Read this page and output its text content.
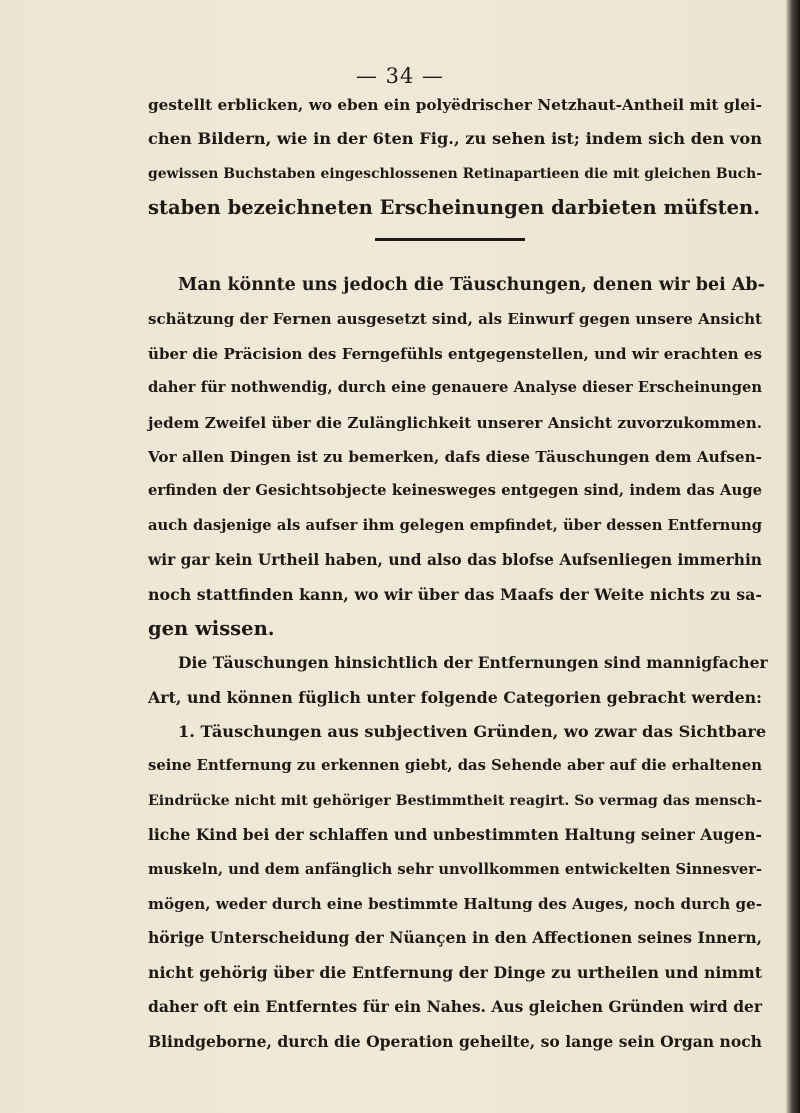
— 34 —
gestellt erblicken, wo eben ein polyëdrischer Netzhaut-Antheil mit glei-
chen Bildern, wie in der 6ten Fig., zu sehen ist; indem sich den von
gewissen Buchstaben eingeschlossenen Retinapartieen die mit gleichen Buch-
staben bezeichneten Erscheinungen darbieten müfsten.
Man könnte uns jedoch die Täuschungen, denen wir bei Ab-
schätzung der Fernen ausgesetzt sind, als Einwurf gegen unsere Ansicht
über die Präcision des Ferngefühls entgegenstellen, und wir erachten es
daher für nothwendig, durch eine genauere Analyse dieser Erscheinungen
jedem Zweifel über die Zulänglichkeit unserer Ansicht zuvorzukommen.
Vor allen Dingen ist zu bemerken, dafs diese Täuschungen dem Aufsen-
erfinden der Gesichtsobjecte keinesweges entgegen sind, indem das Auge
auch dasjenige als aufser ihm gelegen empfindet, über dessen Entfernung
wir gar kein Urtheil haben, und also das blofse Aufsenliegen immerhin
noch stattfinden kann, wo wir über das Maafs der Weite nichts zu sa-
gen wissen.
Die Täuschungen hinsichtlich der Entfernungen sind mannigfacher
Art, und können füglich unter folgende Categorien gebracht werden:
1. Täuschungen aus subjectiven Gründen, wo zwar das Sichtbare
seine Entfernung zu erkennen giebt, das Sehende aber auf die erhaltenen
Eindrücke nicht mit gehöriger Bestimmtheit reagirt. So vermag das mensch-
liche Kind bei der schlaffen und unbestimmten Haltung seiner Augen-
muskeln, und dem anfänglich sehr unvollkommen entwickelten Sinnesver-
mögen, weder durch eine bestimmte Haltung des Auges, noch durch ge-
hörige Unterscheidung der Nüançen in den Affectionen seines Innern,
nicht gehörig über die Entfernung der Dinge zu urtheilen und nimmt
daher oft ein Entferntes für ein Nahes. Aus gleichen Gründen wird der
Blindgeborne, durch die Operation geheilte, so lange sein Organ noch
